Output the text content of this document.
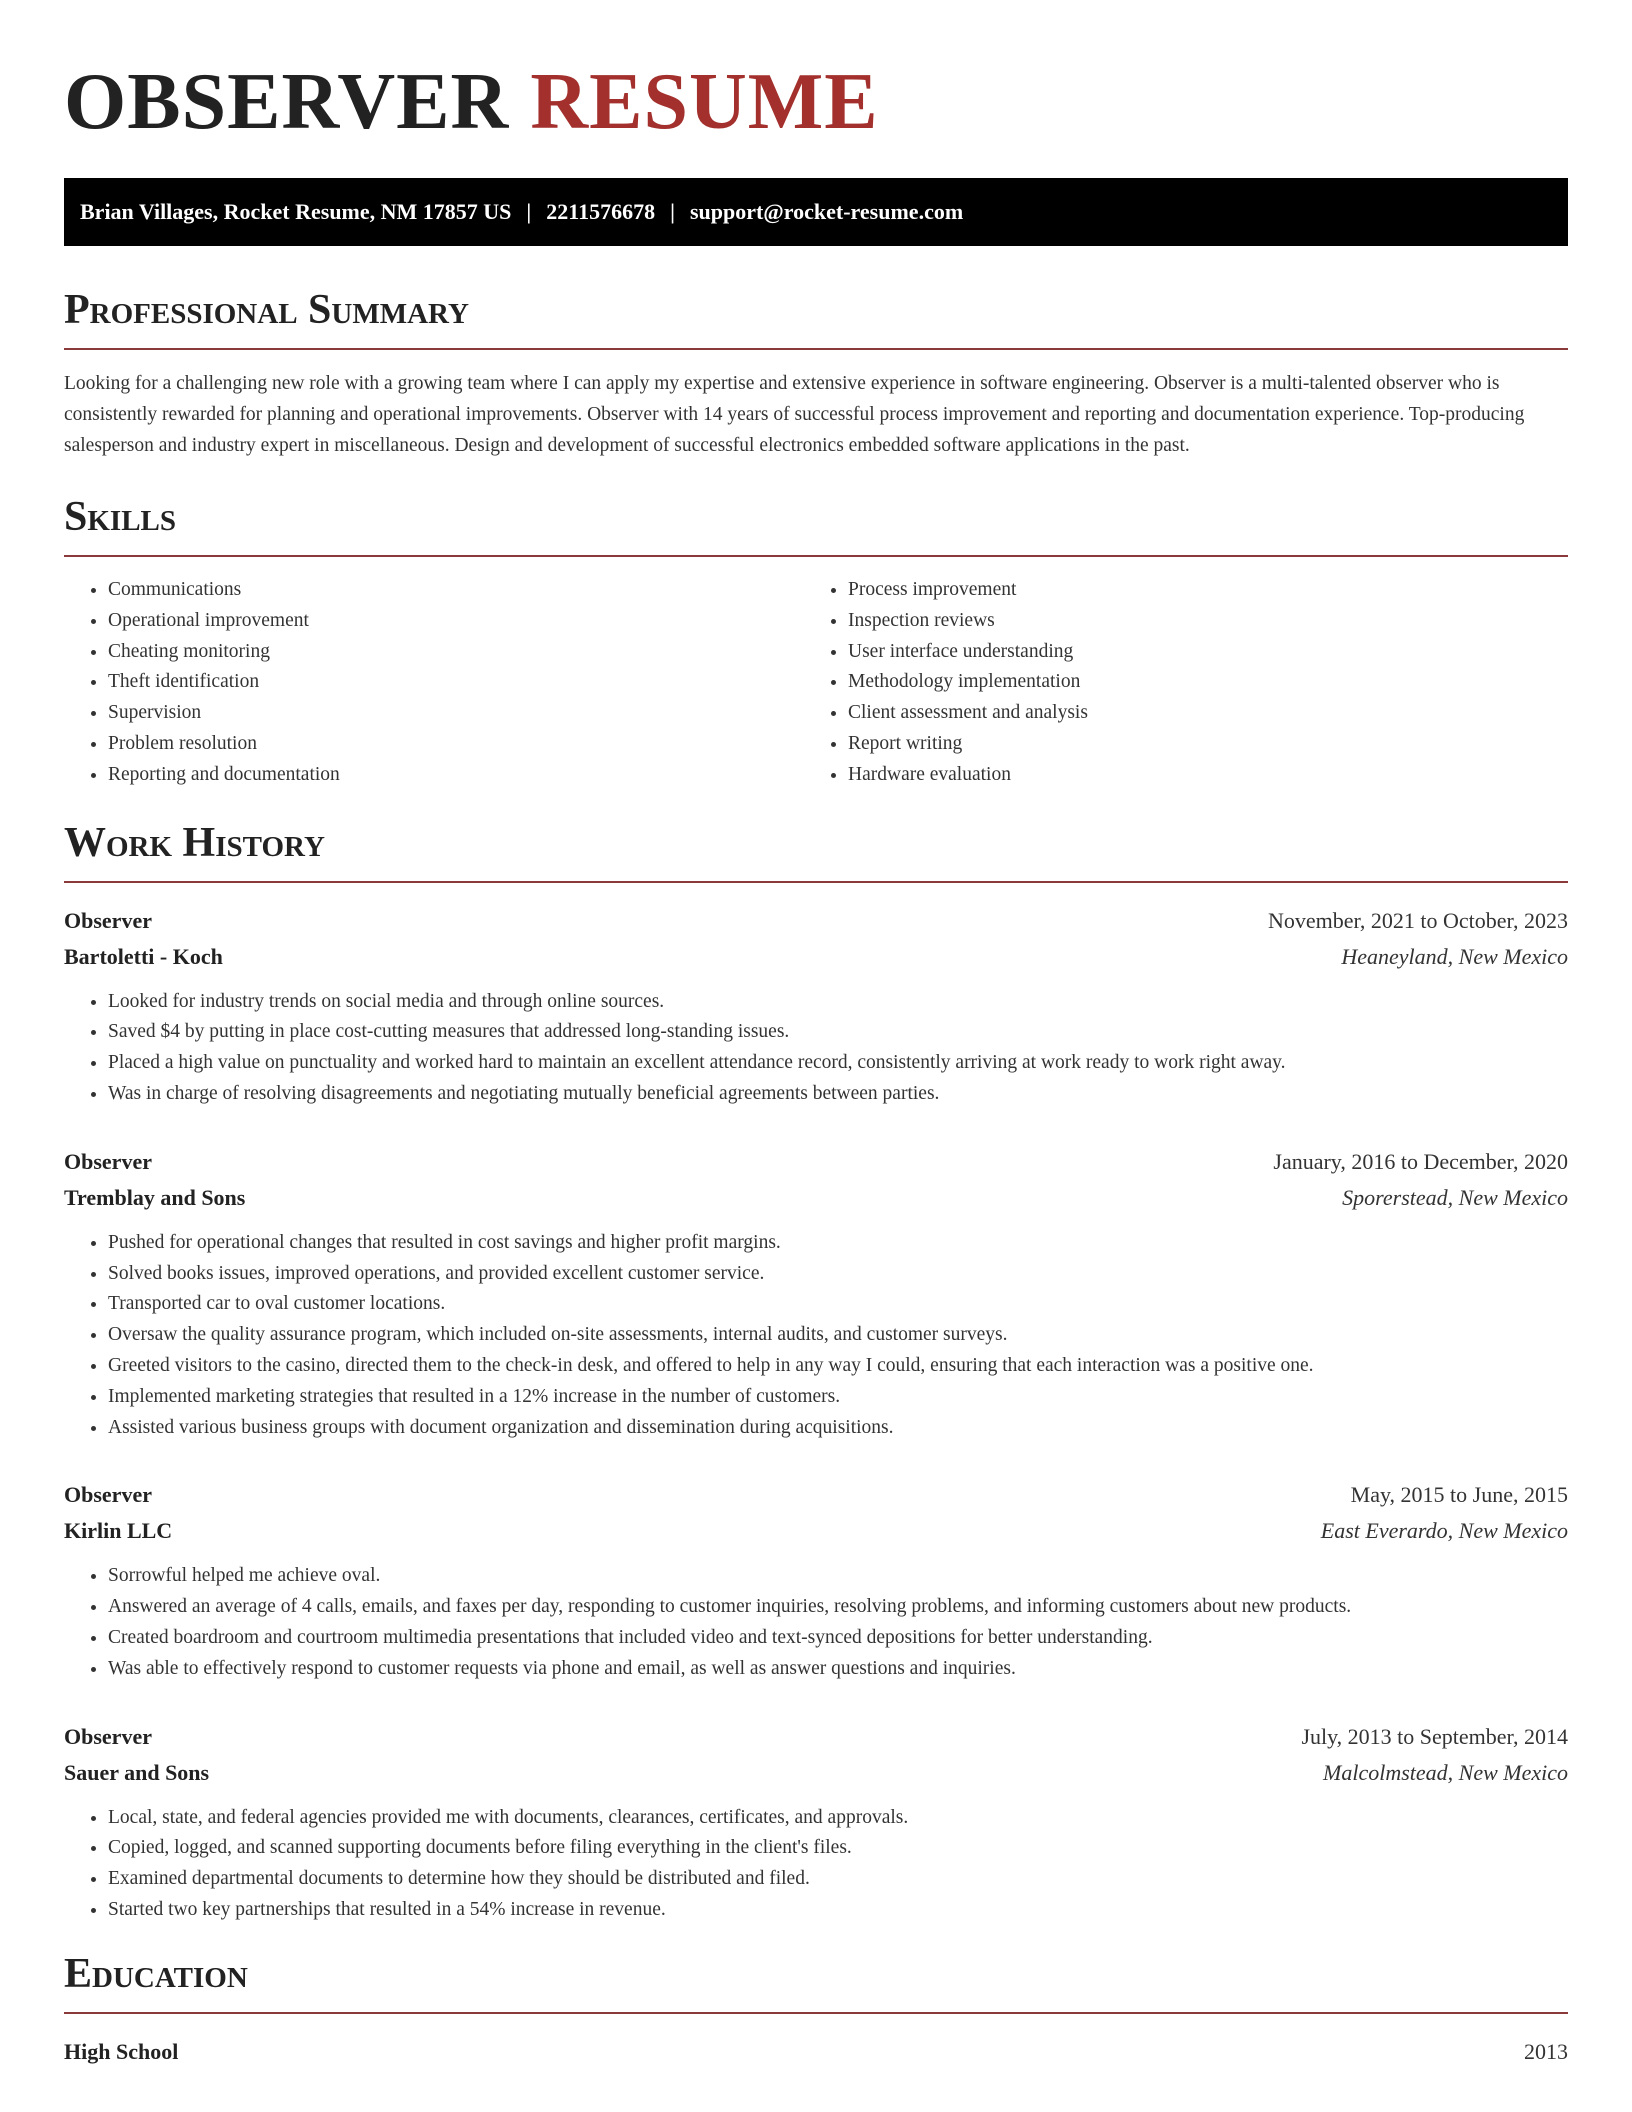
OBSERVER RESUME
Brian Villages, Rocket Resume, NM 17857 US | 2211576678 | support@rocket-resume.com
Professional Summary

Looking for a challenging new role with a growing team where I can apply my expertise and extensive experience in software engineering. Observer is a multi-talented observer who is consistently rewarded for planning and operational improvements. Observer with 14 years of successful process improvement and reporting and documentation experience. Top-producing salesperson and industry expert in miscellaneous. Design and development of successful electronics embedded software applications in the past.

Skills
• Communications
• Operational improvement
• Cheating monitoring
• Theft identification
• Supervision
• Problem resolution
• Reporting and documentation
• Process improvement
• Inspection reviews
• User interface understanding
• Methodology implementation
• Client assessment and analysis
• Report writing
• Hardware evaluation
Work History
Observer	November, 2021 to October, 2023
Bartoletti - Koch	Heaneyland, New Mexico
• Looked for industry trends on social media and through online sources.
• Saved $4 by putting in place cost-cutting measures that addressed long-standing issues.
• Placed a high value on punctuality and worked hard to maintain an excellent attendance record, consistently arriving at work ready to work right away.
• Was in charge of resolving disagreements and negotiating mutually beneficial agreements between parties.
Observer	January, 2016 to December, 2020
Tremblay and Sons	Sporerstead, New Mexico
• Pushed for operational changes that resulted in cost savings and higher profit margins.
• Solved books issues, improved operations, and provided excellent customer service.
• Transported car to oval customer locations.
• Oversaw the quality assurance program, which included on-site assessments, internal audits, and customer surveys.
• Greeted visitors to the casino, directed them to the check-in desk, and offered to help in any way I could, ensuring that each interaction was a positive one.
• Implemented marketing strategies that resulted in a 12% increase in the number of customers.
• Assisted various business groups with document organization and dissemination during acquisitions.
Observer	May, 2015 to June, 2015
Kirlin LLC	East Everardo, New Mexico
• Sorrowful helped me achieve oval.
• Answered an average of 4 calls, emails, and faxes per day, responding to customer inquiries, resolving problems, and informing customers about new products.
• Created boardroom and courtroom multimedia presentations that included video and text-synced depositions for better understanding.
• Was able to effectively respond to customer requests via phone and email, as well as answer questions and inquiries.
Observer	July, 2013 to September, 2014
Sauer and Sons	Malcolmstead, New Mexico
• Local, state, and federal agencies provided me with documents, clearances, certificates, and approvals.
• Copied, logged, and scanned supporting documents before filing everything in the client's files.
• Examined departmental documents to determine how they should be distributed and filed.
• Started two key partnerships that resulted in a 54% increase in revenue.
Education
High School	2013
